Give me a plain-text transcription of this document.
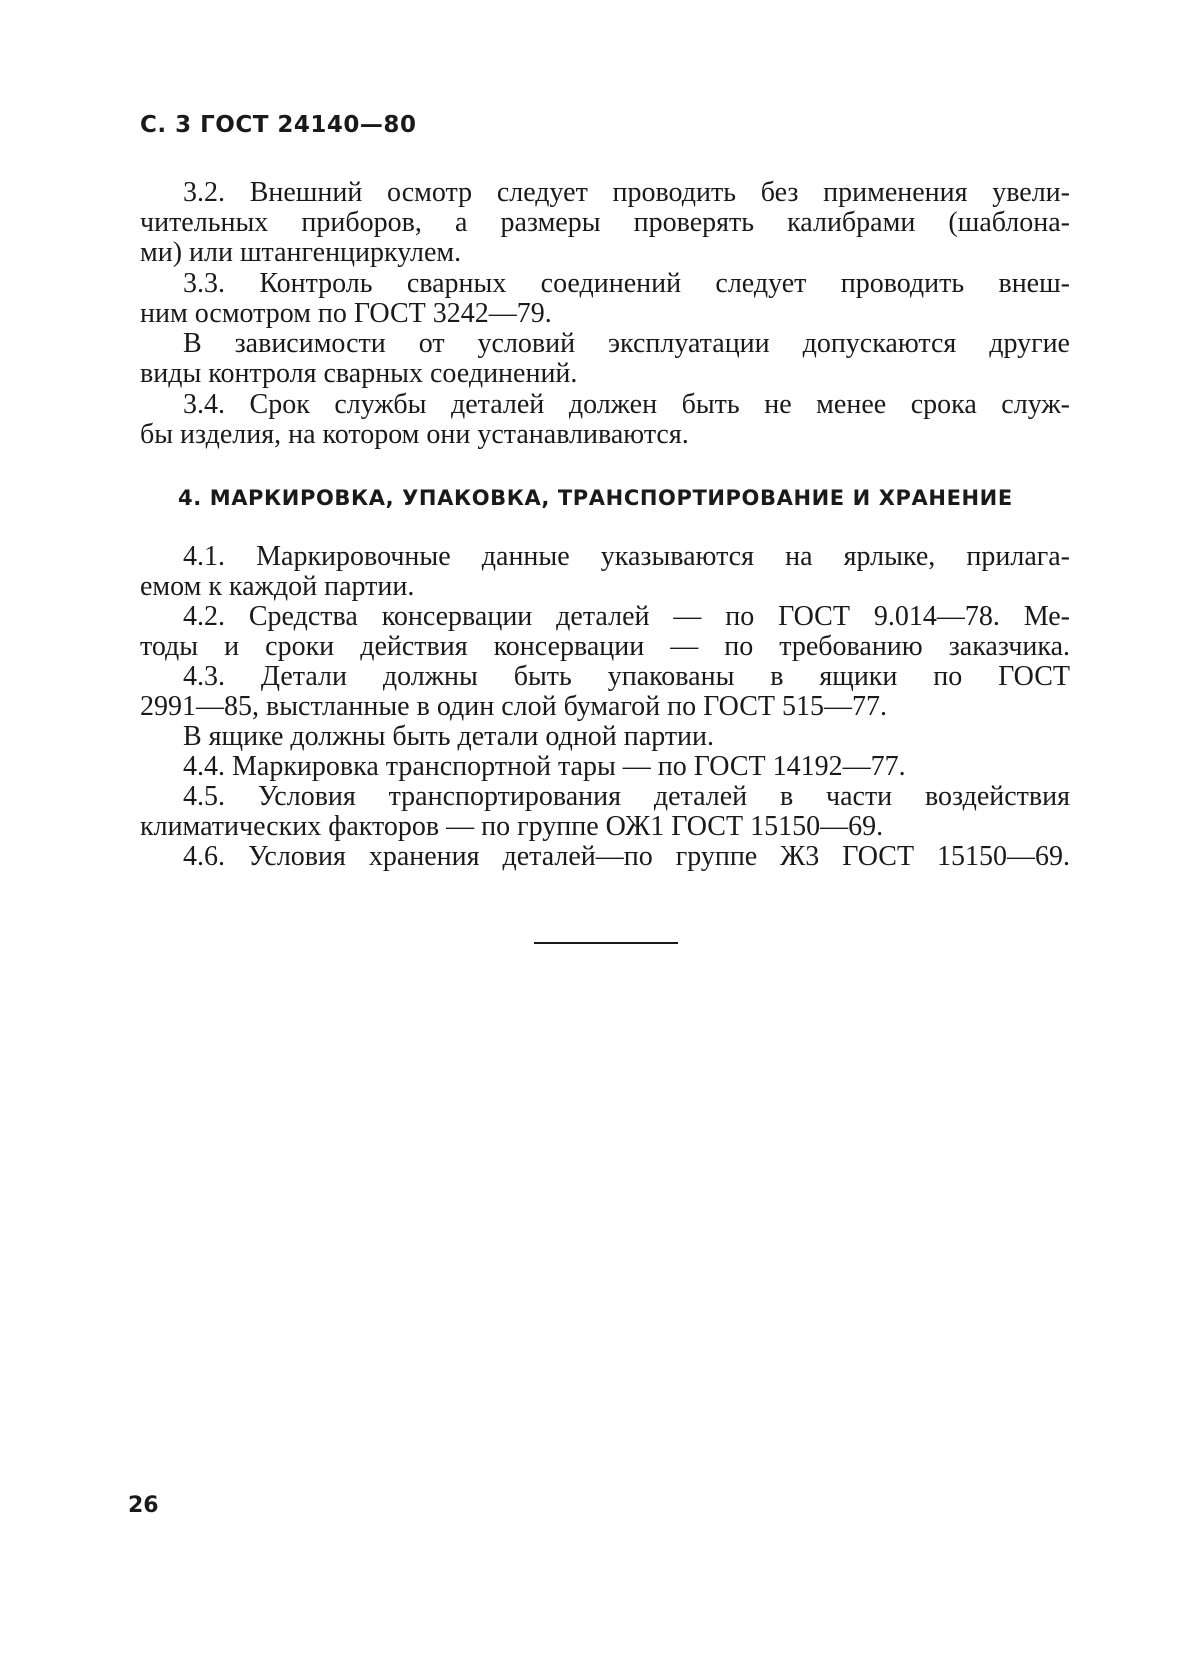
С. 3 ГОСТ 24140—80
3.2. Внешний осмотр следует проводить без применения увели-
чительных приборов, а размеры проверять калибрами (шаблона-
ми) или штангенциркулем.
3.3. Контроль сварных соединений следует проводить внеш-
ним осмотром по ГОСТ 3242—79.
В зависимости от условий эксплуатации допускаются другие
виды контроля сварных соединений.
3.4. Срок службы деталей должен быть не менее срока служ-
бы изделия, на котором они устанавливаются.
4. МАРКИРОВКА, УПАКОВКА, ТРАНСПОРТИРОВАНИЕ И ХРАНЕНИЕ
4.1. Маркировочные данные указываются на ярлыке, прилага-
емом к каждой партии.
4.2. Средства консервации деталей — по ГОСТ 9.014—78. Ме-
тоды и сроки действия консервации — по требованию заказчика.
4.3. Детали должны быть упакованы в ящики по ГОСТ
2991—85, выстланные в один слой бумагой по ГОСТ 515—77.
В ящике должны быть детали одной партии.
4.4. Маркировка транспортной тары — по ГОСТ 14192—77.
4.5. Условия транспортирования деталей в части воздействия
климатических факторов — по группе ОЖ1 ГОСТ 15150—69.
4.6. Условия хранения деталей—по группе Ж3 ГОСТ 15150—69.
26
